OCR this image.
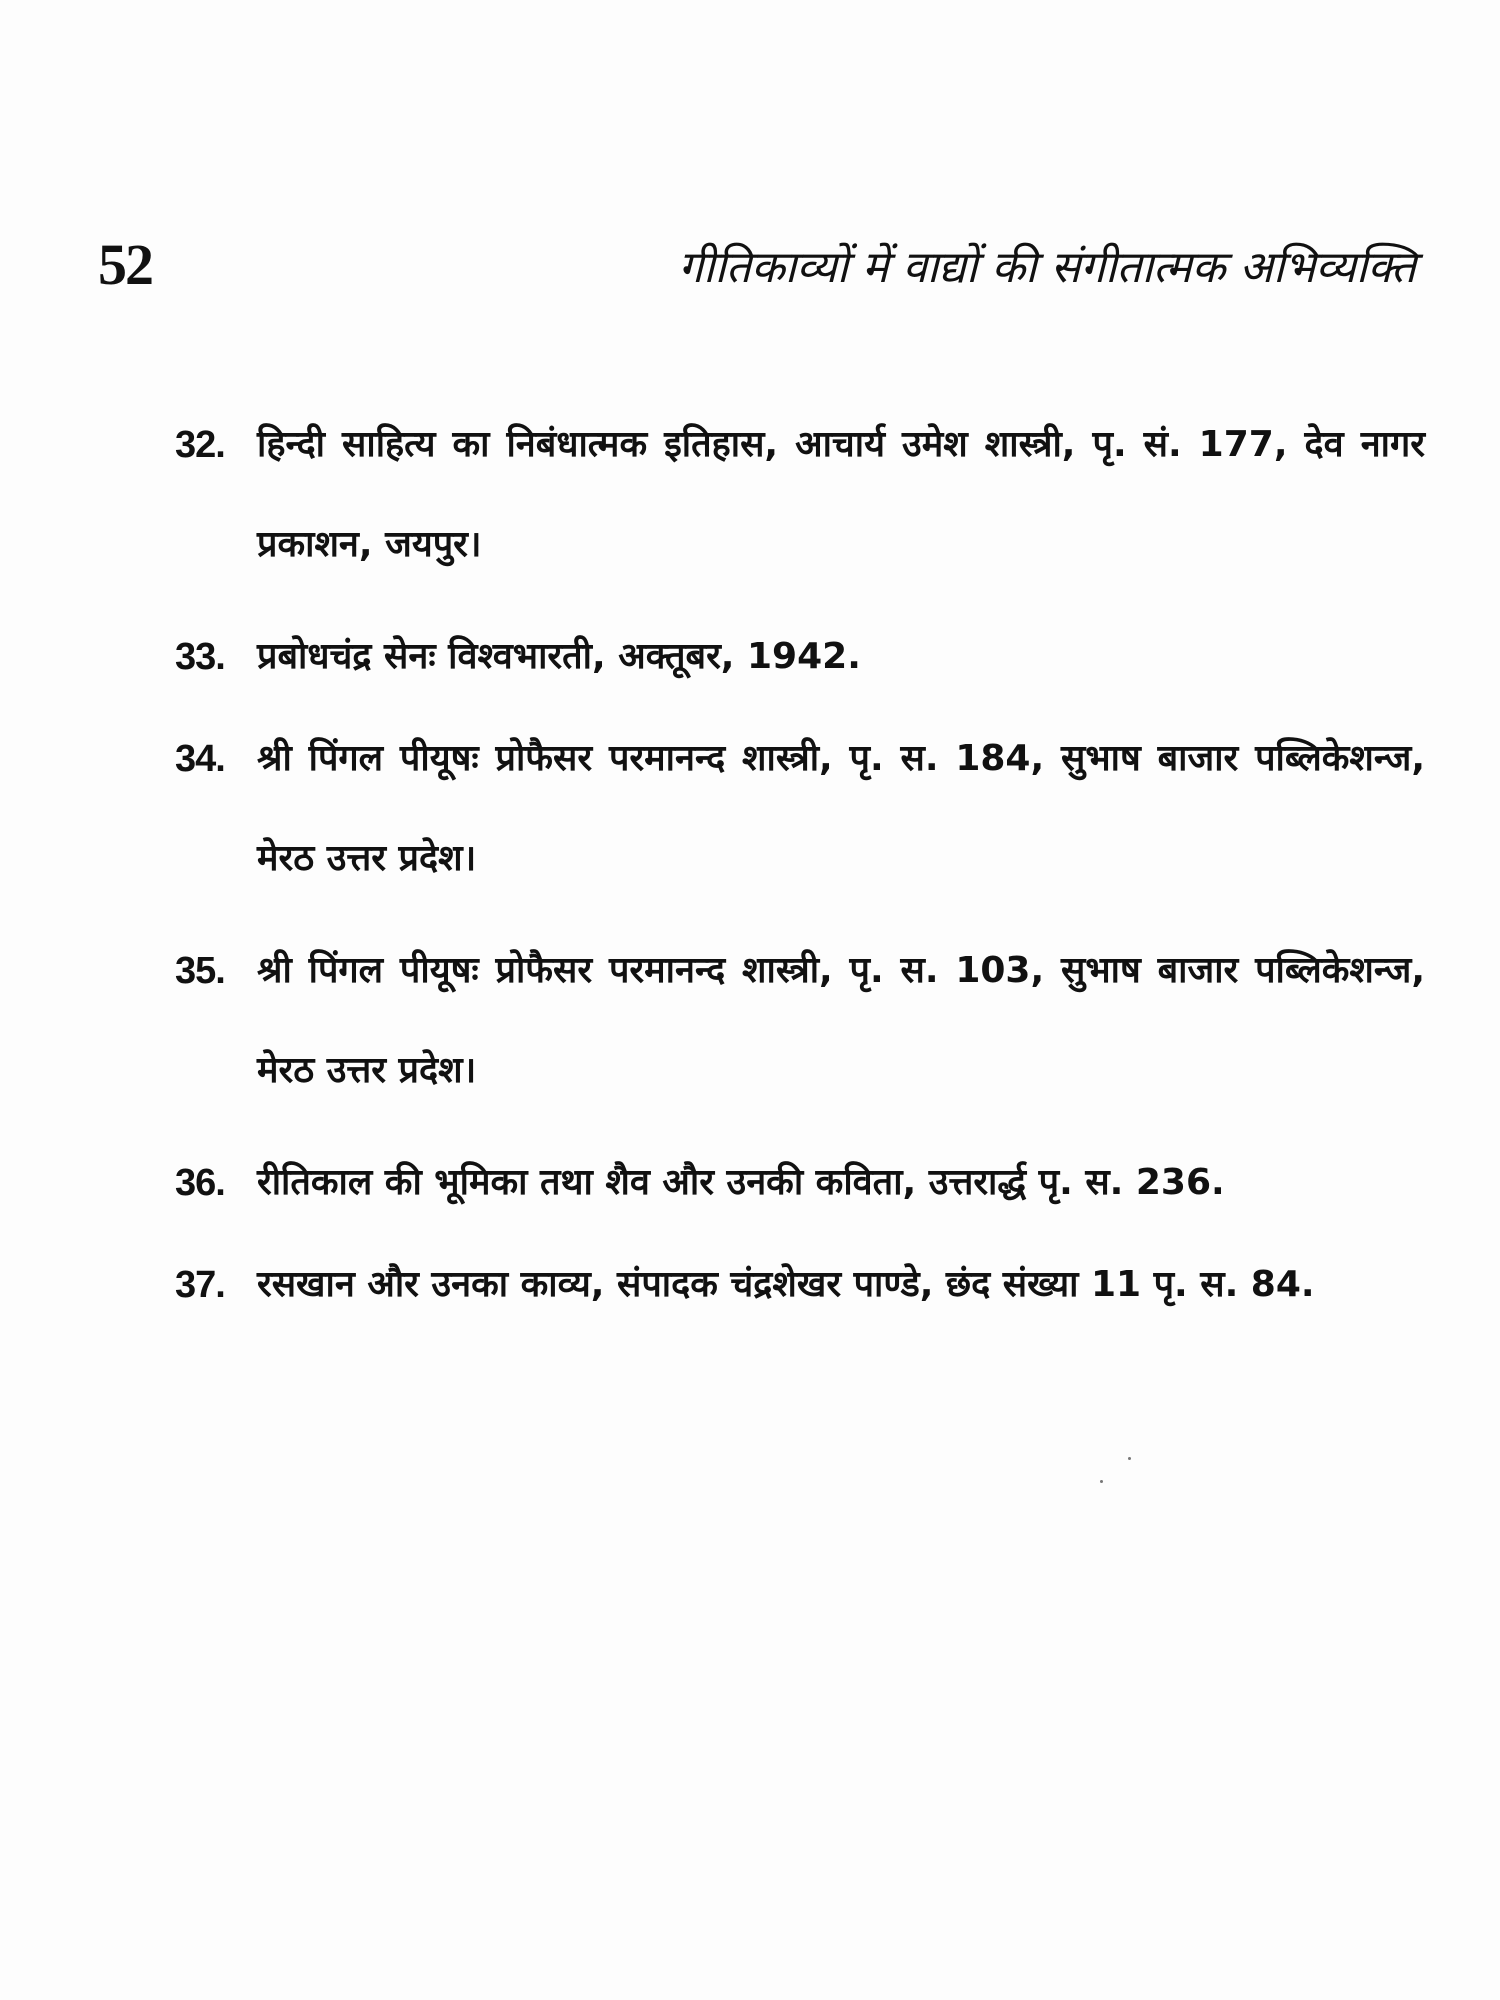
52	गीतिकाव्यों में वाद्यों की संगीतात्मक अभिव्यक्ति
32. हिन्दी साहित्य का निबंधात्मक इतिहास, आचार्य उमेश शास्त्री, पृ. सं. 177, देव नागर प्रकाशन, जयपुर।
33. प्रबोधचंद्र सेनः विश्वभारती, अक्तूबर, 1942.
34. श्री पिंगल पीयूषः प्रोफैसर परमानन्द शास्त्री, पृ. स. 184, सुभाष बाजार पब्लिकेशन्ज, मेरठ उत्तर प्रदेश।
35. श्री पिंगल पीयूषः प्रोफैसर परमानन्द शास्त्री, पृ. स. 103, सुभाष बाजार पब्लिकेशन्ज, मेरठ उत्तर प्रदेश।
36. रीतिकाल की भूमिका तथा शैव और उनकी कविता, उत्तरार्द्ध पृ. स. 236.
37. रसखान और उनका काव्य, संपादक चंद्रशेखर पाण्डे, छंद संख्या 11 पृ. स. 84.
